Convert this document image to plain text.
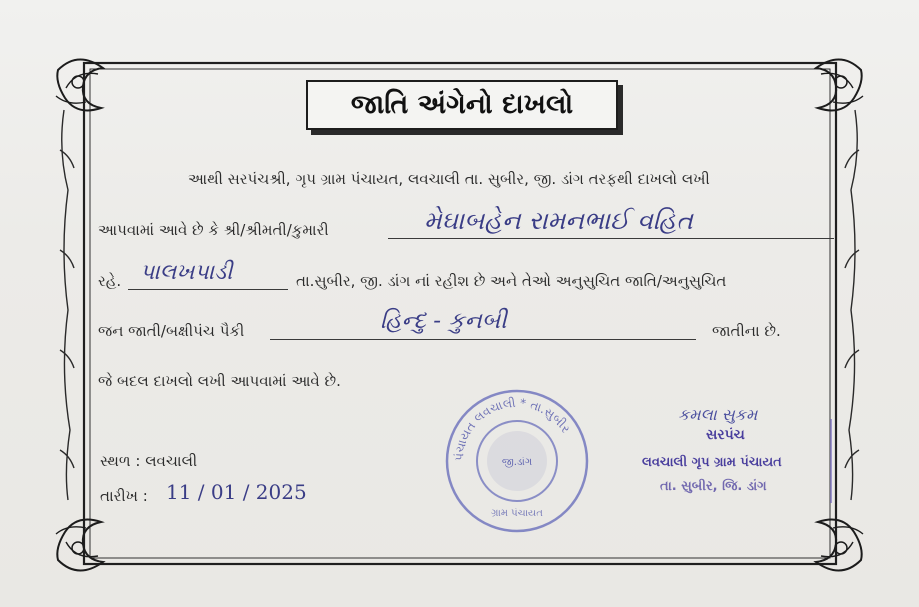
જાતિ અંગેનો દાખલો
આથી સરપંચશ્રી, ગૃપ ગ્રામ પંચાયત, લવચાલી તા. સુબીર, જી. ડાંગ તરફથી દાખલો લખી
આપવામાં આવે છે કે શ્રી/શ્રીમતી/કુમારી	મેઘાબહેન રામનભાઈ વહિત
રહે. પાલખપાડી	તા.સુબીર, જી. ડાંગ નાં રહીશ છે અને તેઓ અનુસુચિત જાતિ/અનુસુચિત
જન જાતી/બક્ષીપંચ પૈકી	હિન્દુ - કુનબી	જાતીના છે.
જે બદલ દાખલો લખી આપવામાં આવે છે.
સ્થળ : લવચાલી
તારીખ : 11 / 01 / 2025
પંચાયત લવચાલી * તા.સુબીર
જી.ડાંગ
ગ્રામ પંચાયત
કમલા સુકમ
સરપંચ
લવચાલી ગૃપ ગ્રામ પંચાયત
તા. સુબીર, જિ. ડાંગ
